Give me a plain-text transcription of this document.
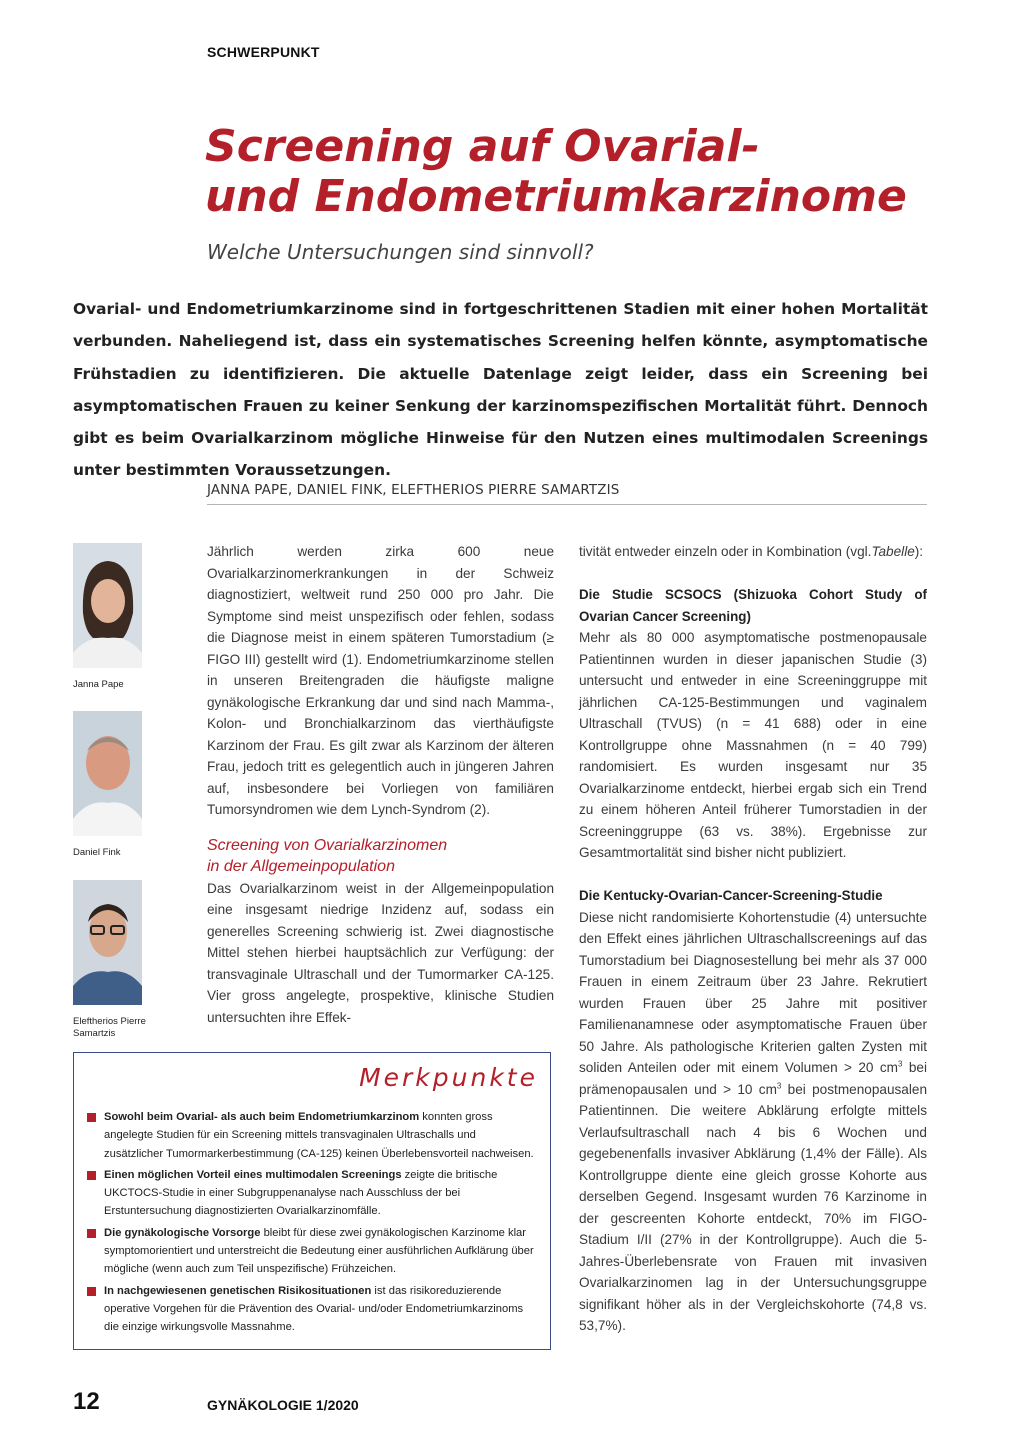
SCHWERPUNKT
Screening auf Ovarial-
und Endometriumkarzinome
Welche Untersuchungen sind sinnvoll?

Ovarial- und Endometriumkarzinome sind in fortgeschrittenen Stadien mit einer hohen Mortalität verbunden. Naheliegend ist, dass ein systematisches Screening helfen könnte, asymptomatische Frühstadien zu identifizieren. Die aktuelle Datenlage zeigt leider, dass ein Screening bei asymptomatischen Frauen zu keiner Senkung der karzinomspezifischen Mortalität führt. Dennoch gibt es beim Ovarialkarzinom mögliche Hinweise für den Nutzen eines multimodalen Screenings unter bestimmten Voraussetzungen.

JANNA PAPE, DANIEL FINK, ELEFTHERIOS PIERRE SAMARTZIS
Janna Pape
Daniel Fink
Eleftherios Pierre Samartzis

Jährlich werden zirka 600 neue Ovarialkarzinomerkrankungen in der Schweiz diagnostiziert, weltweit rund 250 000 pro Jahr. Die Symptome sind meist unspezifisch oder fehlen, sodass die Diagnose meist in einem späteren Tumorstadium (≥ FIGO III) gestellt wird (1). Endometriumkarzinome stellen in unseren Breitengraden die häufigste maligne gynäkologische Erkrankung dar und sind nach Mamma-, Kolon- und Bronchialkarzinom das vierthäufigste Karzinom der Frau. Es gilt zwar als Karzinom der älteren Frau, jedoch tritt es gelegentlich auch in jüngeren Jahren auf, insbesondere bei Vorliegen von familiären Tumorsyndromen wie dem Lynch-Syndrom (2).

Screening von Ovarialkarzinomen
in der Allgemeinpopulation

Das Ovarialkarzinom weist in der Allgemeinpopulation eine insgesamt niedrige Inzidenz auf, sodass ein generelles Screening schwierig ist. Zwei diagnostische Mittel stehen hierbei hauptsächlich zur Verfügung: der transvaginale Ultraschall und der Tumormarker CA-125. Vier gross angelegte, prospektive, klinische Studien untersuchten ihre Effek-

tivität entweder einzeln oder in Kombination (vgl.Tabelle):

Die Studie SCSOCS (Shizuoka Cohort Study of Ovarian Cancer Screening)

Mehr als 80 000 asymptomatische postmenopausale Patientinnen wurden in dieser japanischen Studie (3) untersucht und entweder in eine Screeninggruppe mit jährlichen CA-125-Bestimmungen und vaginalem Ultraschall (TVUS) (n = 41 688) oder in eine Kontrollgruppe ohne Massnahmen (n = 40 799) randomisiert. Es wurden insgesamt nur 35 Ovarialkarzinome entdeckt, hierbei ergab sich ein Trend zu einem höheren Anteil früherer Tumorstadien in der Screeninggruppe (63 vs. 38%). Ergebnisse zur Gesamtmortalität sind bisher nicht publiziert.

Die Kentucky-Ovarian-Cancer-Screening-Studie

Diese nicht randomisierte Kohortenstudie (4) untersuchte den Effekt eines jährlichen Ultraschallscreenings auf das Tumorstadium bei Diagnosestellung bei mehr als 37 000 Frauen in einem Zeitraum über 23 Jahre. Rekrutiert wurden Frauen über 25 Jahre mit positiver Familienanamnese oder asymptomatische Frauen über 50 Jahre. Als pathologische Kriterien galten Zysten mit soliden Anteilen oder mit einem Volumen > 20 $cm^3$ bei prämenopausalen und > 10 $cm^3$ bei postmenopausalen Patientinnen. Die weitere Abklärung erfolgte mittels Verlaufsultraschall nach 4 bis 6 Wochen und gegebenenfalls invasiver Abklärung (1,4% der Fälle). Als Kontrollgruppe diente eine gleich grosse Kohorte aus derselben Gegend. Insgesamt wurden 76 Karzinome in der gescreenten Kohorte entdeckt, 70% im FIGO-Stadium I/II (27% in der Kontrollgruppe). Auch die 5-Jahres-Überlebensrate von Frauen mit invasiven Ovarialkarzinomen lag in der Untersuchungsgruppe signifikant höher als in der Vergleichskohorte (74,8 vs. 53,7%).

Merkpunkte
Sowohl beim Ovarial- als auch beim Endometriumkarzinom konnten gross angelegte Studien für ein Screening mittels transvaginalen Ultraschalls und zusätzlicher Tumormarkerbestimmung (CA-125) keinen Überlebensvorteil nachweisen.
Einen möglichen Vorteil eines multimodalen Screenings zeigte die britische UKCTOCS-Studie in einer Subgruppenanalyse nach Ausschluss der bei Erstuntersuchung diagnostizierten Ovarialkarzinomfälle.
Die gynäkologische Vorsorge bleibt für diese zwei gynäkologischen Karzinome klar symptomorientiert und unterstreicht die Bedeutung einer ausführlichen Aufklärung über mögliche (wenn auch zum Teil unspezifische) Frühzeichen.
In nachgewiesenen genetischen Risikosituationen ist das risikoreduzierende operative Vorgehen für die Prävention des Ovarial- und/oder Endometriumkarzinoms die einzige wirkungsvolle Massnahme.
12	GYNÄKOLOGIE 1/2020
